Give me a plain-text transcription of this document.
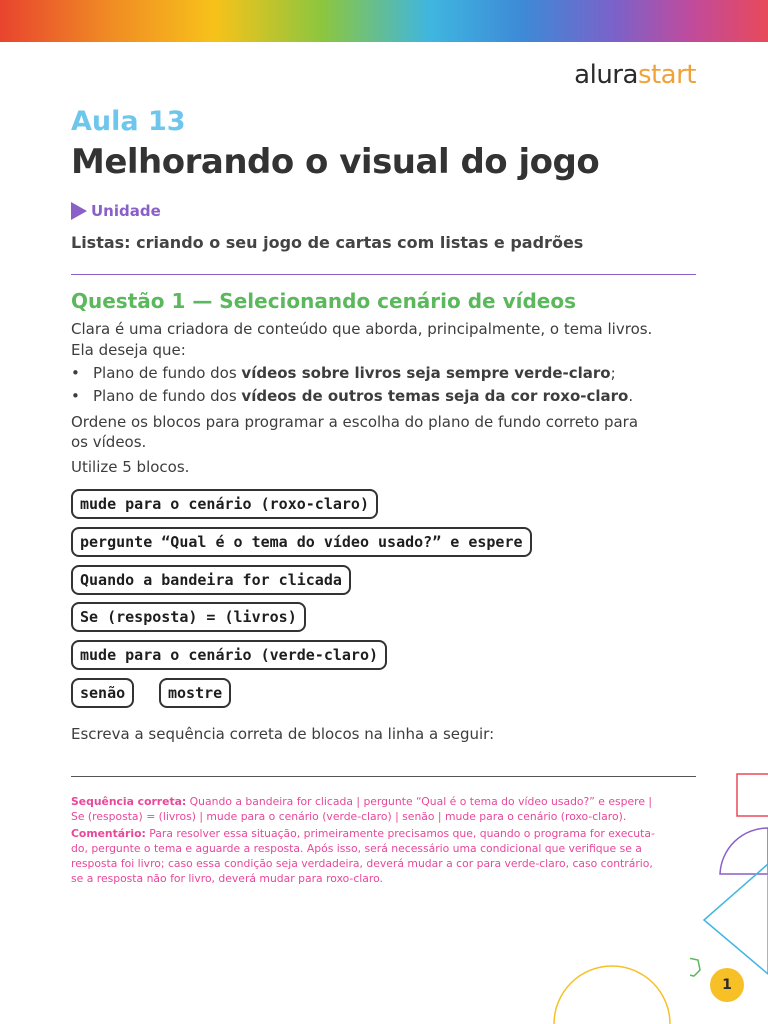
alurastart
Aula 13
Melhorando o visual do jogo
Unidade
Listas: criando o seu jogo de cartas com listas e padrões
Questão 1 — Selecionando cenário de vídeos
Clara é uma criadora de conteúdo que aborda, principalmente, o tema livros.
Ela deseja que:
• Plano de fundo dos vídeos sobre livros seja sempre verde-claro;
• Plano de fundo dos vídeos de outros temas seja da cor roxo-claro.
Ordene os blocos para programar a escolha do plano de fundo correto para
os vídeos.
Utilize 5 blocos.
mude para o cenário (roxo-claro)
pergunte “Qual é o tema do vídeo usado?” e espere
Quando a bandeira for clicada
Se (resposta) = (livros)
mude para o cenário (verde-claro)
senão	mostre
Escreva a sequência correta de blocos na linha a seguir:
Sequência correta: Quando a bandeira for clicada | pergunte “Qual é o tema do vídeo usado?” e espere |
Se (resposta) = (livros) | mude para o cenário (verde-claro) | senão | mude para o cenário (roxo-claro).
Comentário: Para resolver essa situação, primeiramente precisamos que, quando o programa for executa-
do, pergunte o tema e aguarde a resposta. Após isso, será necessário uma condicional que verifique se a
resposta foi livro; caso essa condição seja verdadeira, deverá mudar a cor para verde-claro, caso contrário,
se a resposta não for livro, deverá mudar para roxo-claro.
1
